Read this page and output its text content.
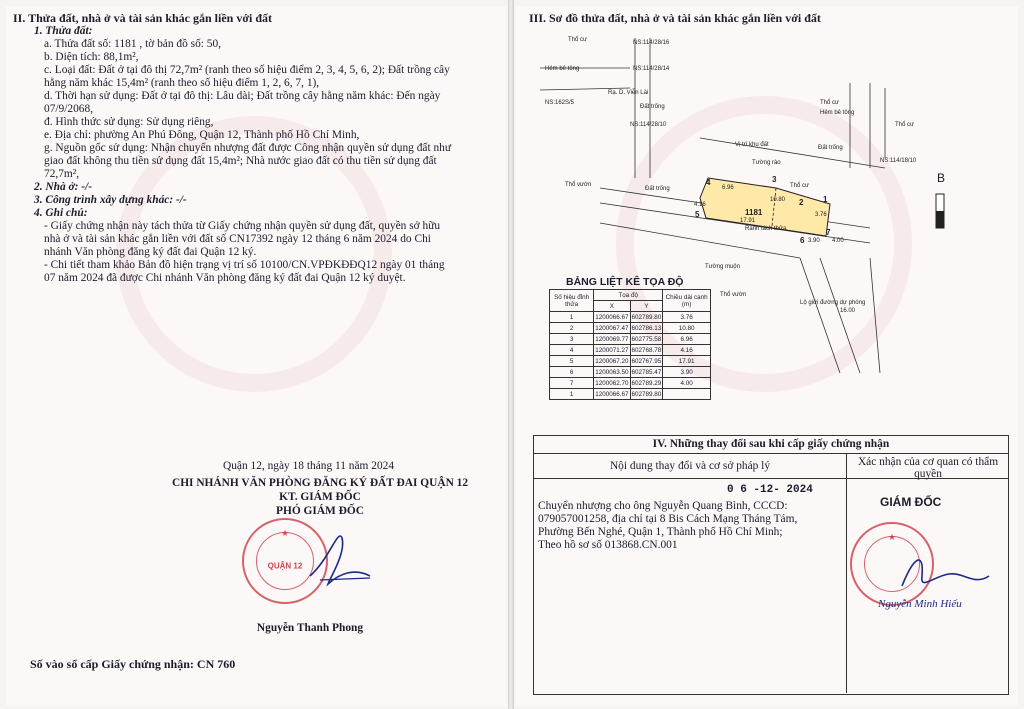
II. Thửa đất, nhà ở và tài sản khác gắn liền với đất
1. Thửa đất:
a. Thửa đất số: 1181 , tờ bản đồ số: 50,
b. Diện tích: 88,1m²,
c. Loại đất: Đất ở tại đô thị 72,7m² (ranh theo số hiệu điểm 2, 3, 4, 5, 6, 2); Đất trồng cây
hằng năm khác 15,4m² (ranh theo số hiệu điểm 1, 2, 6, 7, 1),
d. Thời hạn sử dụng: Đất ở tại đô thị: Lâu dài; Đất trồng cây hằng năm khác: Đến ngày
07/9/2068,
đ. Hình thức sử dụng: Sử dụng riêng,
e. Địa chỉ: phường An Phú Đông, Quận 12, Thành phố Hồ Chí Minh,
g. Nguồn gốc sử dụng: Nhận chuyển nhượng đất được Công nhận quyền sử dụng đất như
giao đất không thu tiền sử dụng đất 15,4m²; Nhà nước giao đất có thu tiền sử dụng đất
72,7m²,
2. Nhà ở: -/-
3. Công trình xây dựng khác: -/-
4. Ghi chú:
- Giấy chứng nhận này tách thửa từ Giấy chứng nhận quyền sử dụng đất, quyền sở hữu
nhà ở và tài sản khác gắn liền với đất số CN17392 ngày 12 tháng 6 năm 2024 do Chi
nhánh Văn phòng đăng ký đất đai Quận 12 ký.
- Chi tiết tham khảo Bản đồ hiện trạng vị trí số 10100/CN.VPĐKĐĐQ12 ngày 01 tháng
07 năm 2024 đã được Chi nhánh Văn phòng đăng ký đất đai Quận 12 ký duyệt.
Quận 12, ngày 18 tháng 11 năm 2024
CHI NHÁNH VĂN PHÒNG ĐĂNG KÝ ĐẤT ĐAI QUẬN 12
KT. GIÁM ĐỐC
PHÓ GIÁM ĐỐC
★
QUẬN 12
Nguyễn Thanh Phong
Số vào sổ cấp Giấy chứng nhận: CN 760
III. Sơ đồ thửa đất, nhà ở và tài sản khác gắn liền với đất
Thổ cư	NS:114/28/16
NS:114/28/14
Hẻm bê tông
NS:162S/5
Đất trống
NS:114/28/10
Thổ cư
Hẻm bê tông
Thổ cư
Vị trí khu đất
Tường rào
Đất trống
NS:114/18/10
Thổ cư
Thổ vườn
Đất trống
1181
Ranh tách thửa
Tường muộn
Thổ vườn
Lộ giới đường dự phóng
Rạ. D. Viễn Lài
6.96
10.80
3.76
4.16
17.91
3.90 4.00
16.00
1
2
3
4
5
6
7
B
BẢNG LIỆT KÊ TỌA ĐỘ
Số hiệu đỉnh thửa	Tọa độ		Chiều dài cạnh (m)
	X	Y	
1	1200066.67	602789.80	3.76
2	1200067.47	602786.13	10.80
3	1200069.77	602775.58	6.96
4	1200071.27	602768.78	4.16
5	1200067.20	602767.95	17.91
6	1200063.50	602785.47	3.90
7	1200062.70	602789.29	4.00
1	1200066.67	602789.80	
IV. Những thay đổi sau khi cấp giấy chứng nhận
Nội dung thay đổi và cơ sở pháp lý	Xác nhận của cơ quan có thẩm quyền
0 6 -12- 2024
Chuyển nhượng cho ông Nguyễn Quang Bình, CCCD:
079057001258, địa chỉ tại 8 Bis Cách Mạng Tháng Tám,
Phường Bến Nghé, Quận 1, Thành phố Hồ Chí Minh;
Theo hồ sơ số 013868.CN.001
GIÁM ĐỐC
★
Nguyễn Minh Hiếu
